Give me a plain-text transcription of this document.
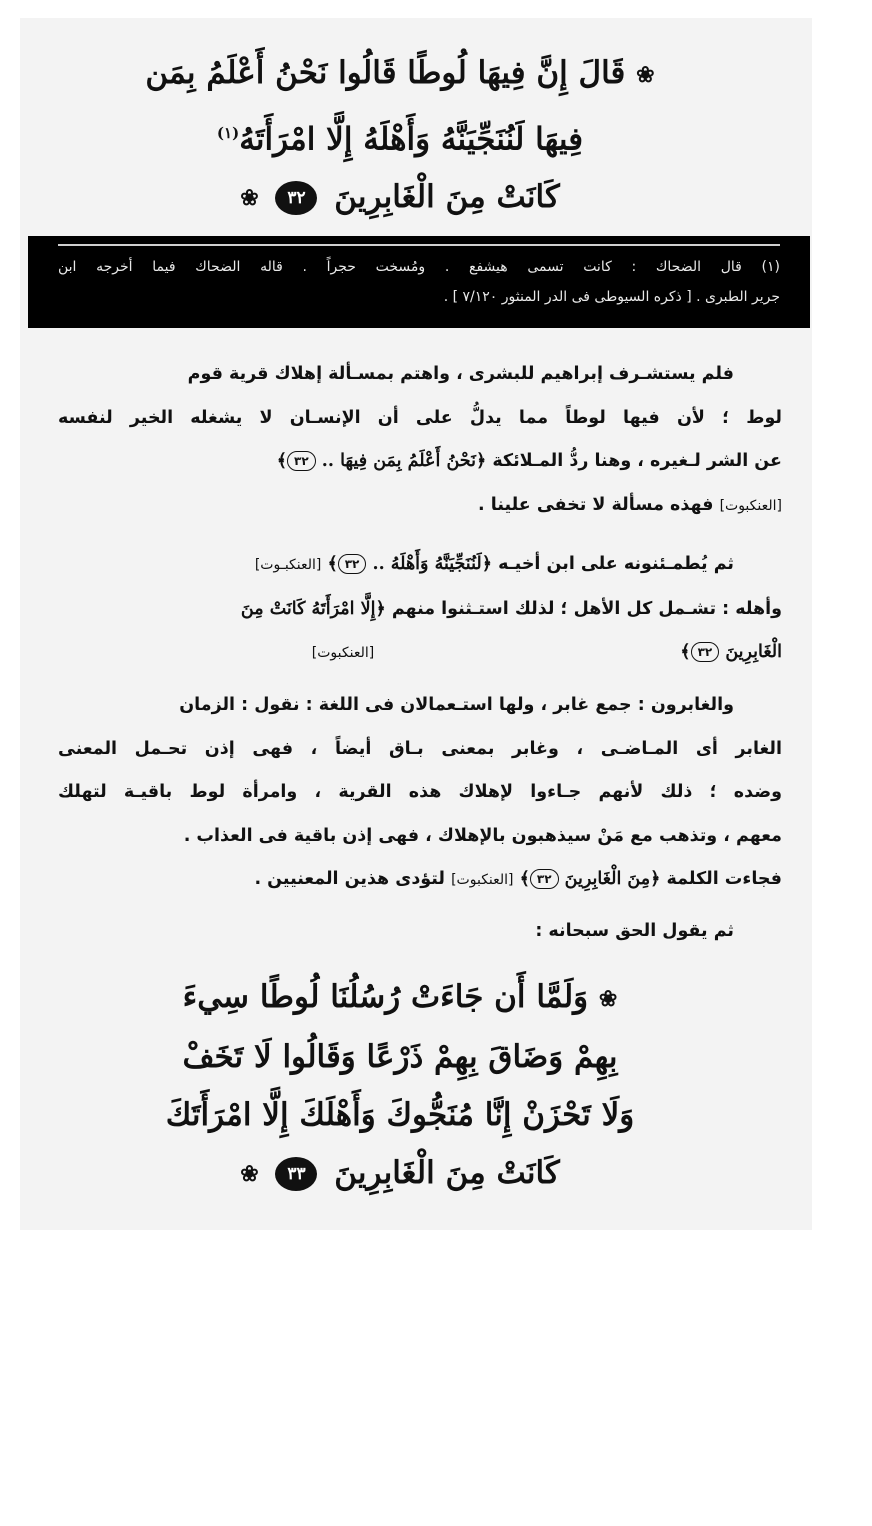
❀ قَالَ إِنَّ فِيهَا لُوطًا قَالُوا نَحْنُ أَعْلَمُ بِمَن
فِيهَا لَنُنَجِّيَنَّهُ وَأَهْلَهُ إِلَّا امْرَأَتَهُ$^{(١)}$
كَانَتْ مِنَ الْغَابِرِينَ ٣٢ ❀
(١) قال الضحاك : كانت تسمى هيشفع . ومُسخت حجراً . قاله الضحاك فيما أخرجه ابن
جرير الطبرى . [ ذكره السيوطى فى الدر المنثور ٧/١٢٠ ] .
فلم يستشـرف إبراهيم للبشرى ، واهتم بمسـألة إهلاك قرية قوم
لوط ؛ لأن فيها لوطاً مما يدلُّ على أن الإنسـان لا يشغله الخير لنفسه
عن الشر لـغيره ، وهنا ردُّ المـلائكة ﴿نَحْنُ أَعْلَمُ بِمَن فِيهَا .. ٣٢﴾
[العنكبوت] فهذه مسألة لا تخفى علينا .
ثم يُطمـئنونه على ابن أخيـه ﴿لَنُنَجِّيَنَّهُ وَأَهْلَهُ .. ٣٢﴾ [العنكبـوت]
وأهله : تشـمل كل الأهل ؛ لذلك استـثنوا منهم ﴿إِلَّا امْرَأَتَهُ كَانَتْ مِنَ
الْغَابِرِينَ ٣٢﴾ [العنكبوت]
والغابرون : جمع غابر ، ولها استـعمالان فى اللغة : نقول : الزمان
الغابر أى المـاضـى ، وغابر بمعنى بـاق أيضاً ، فهى إذن تحـمل المعنى
وضده ؛ ذلك لأنهم جـاءوا لإهلاك هذه القرية ، وامرأة لوط باقيـة لتهلك
معهم ، وتذهب مع مَنْ سيذهبون بالإهلاك ، فهى إذن باقية فى العذاب .
فجاءت الكلمة ﴿مِنَ الْغَابِرِينَ ٣٢﴾ [العنكبوت] لتؤدى هذين المعنيين .
ثم يقول الحق سبحانه :
❀ وَلَمَّا أَن جَاءَتْ رُسُلُنَا لُوطًا سِيءَ
بِهِمْ وَضَاقَ بِهِمْ ذَرْعًا وَقَالُوا لَا تَخَفْ
وَلَا تَحْزَنْ إِنَّا مُنَجُّوكَ وَأَهْلَكَ إِلَّا امْرَأَتَكَ
كَانَتْ مِنَ الْغَابِرِينَ ٣٣ ❀
